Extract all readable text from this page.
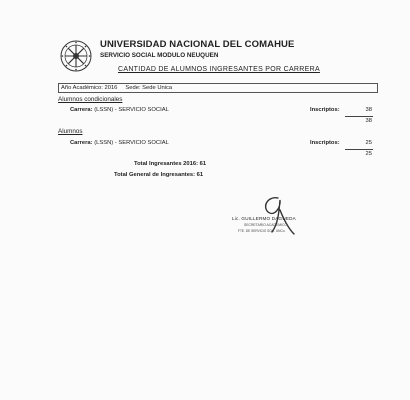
UNIVERSIDAD NACIONAL DEL COMAHUE
SERVICIO SOCIAL MODULO NEUQUEN
CANTIDAD DE ALUMNOS INGRESANTES POR CARRERA
Año Académico: 2016 Sede: Sede Unica
Alumnos condicionales
Carrera: (LSSN) - SERVICIO SOCIAL	Inscriptos:	38
38
Alumnos
Carrera: (LSSN) - SERVICIO SOCIAL	Inscriptos:	25
25
Total Ingresantes 2016: 61
Total General de Ingresantes: 61
Lic. GUILLERMO DAGUEDA
SECRETARIO ACADEMICO
FTE. DE SERVICIO SOC. UNCo.
